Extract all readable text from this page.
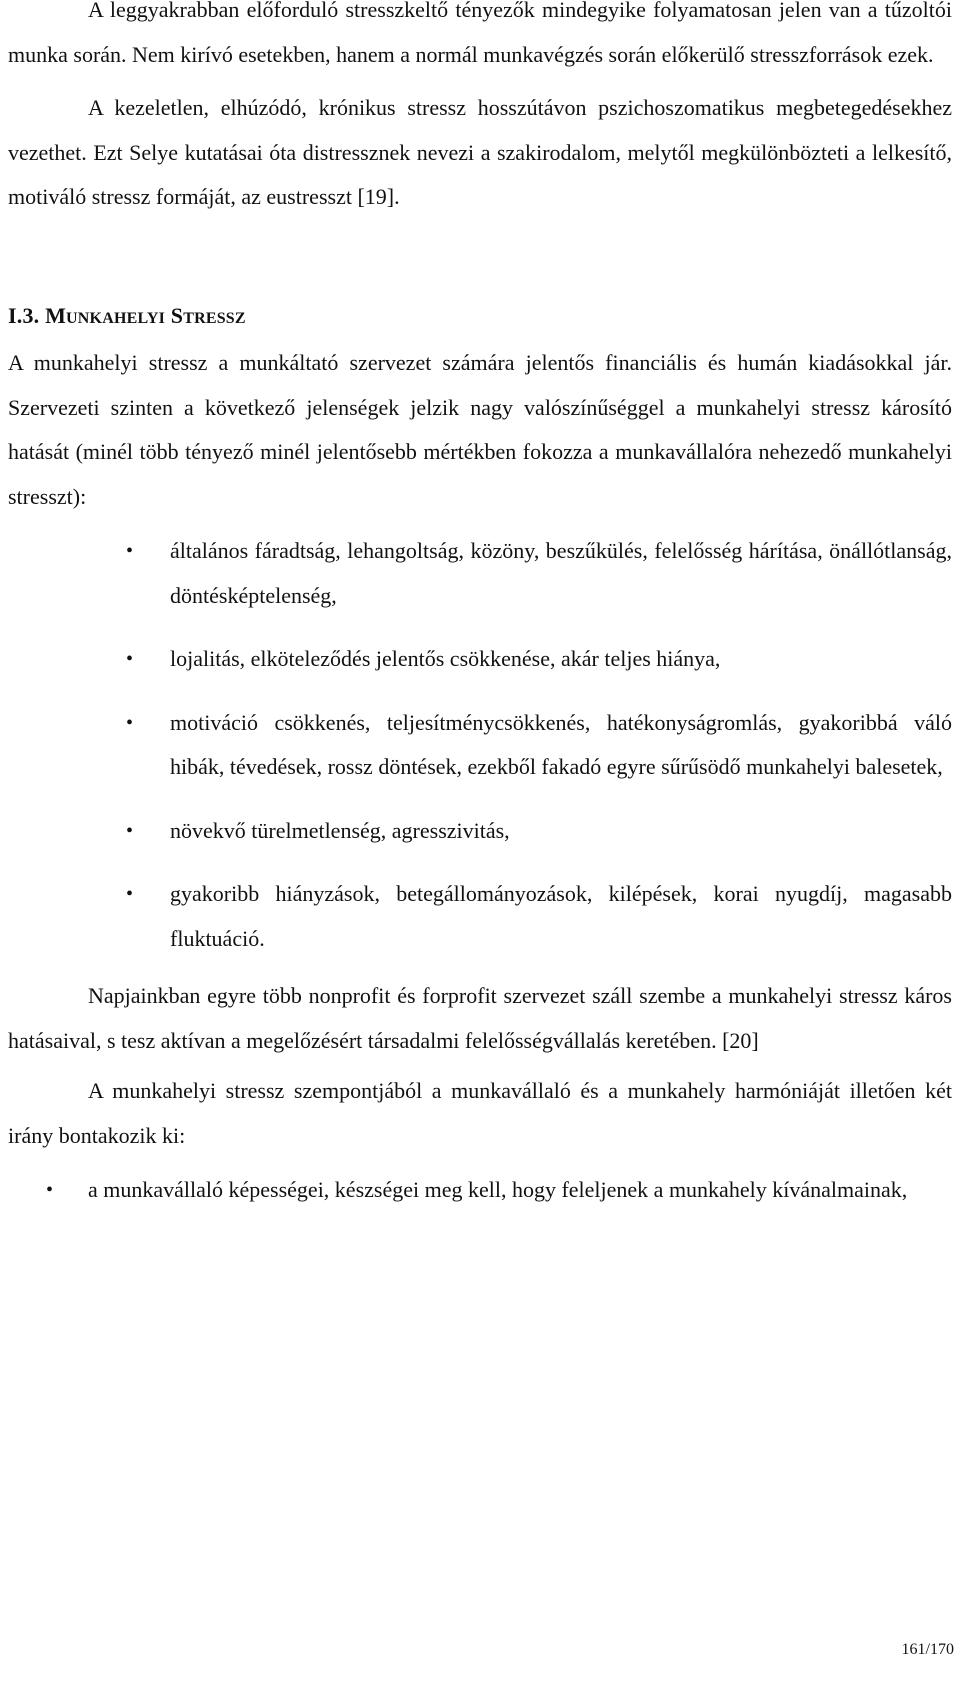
A leggyakrabban előforduló stresszkeltő tényezők mindegyike folyamatosan jelen van a tűzoltói munka során. Nem kirívó esetekben, hanem a normál munkavégzés során előkerülő stresszforrások ezek.

A kezeletlen, elhúzódó, krónikus stressz hosszútávon pszichoszomatikus megbetegedésekhez vezethet. Ezt Selye kutatásai óta distressznek nevezi a szakirodalom, melytől megkülönbözteti a lelkesítő, motiváló stressz formáját, az eustresszt [19].

I.3. MUNKAHELYI STRESSZ

A munkahelyi stressz a munkáltató szervezet számára jelentős financiális és humán kiadásokkal jár. Szervezeti szinten a következő jelenségek jelzik nagy valószínűséggel a munkahelyi stressz károsító hatását (minél több tényező minél jelentősebb mértékben fokozza a munkavállalóra nehezedő munkahelyi stresszt):

• általános fáradtság, lehangoltság, közöny, beszűkülés, felelősség hárítása, önállótlanság, döntésképtelenség,
• lojalitás, elköteleződés jelentős csökkenése, akár teljes hiánya,
• motiváció csökkenés, teljesítménycsökkenés, hatékonyságromlás, gyakoribbá váló hibák, tévedések, rossz döntések, ezekből fakadó egyre sűrűsödő munkahelyi balesetek,
• növekvő türelmetlenség, agresszivitás,
• gyakoribb hiányzások, betegállományozások, kilépések, korai nyugdíj, magasabb fluktuáció.

Napjainkban egyre több nonprofit és forprofit szervezet száll szembe a munkahelyi stressz káros hatásaival, s tesz aktívan a megelőzésért társadalmi felelősségvállalás keretében. [20]

A munkahelyi stressz szempontjából a munkavállaló és a munkahely harmóniáját illetően két irány bontakozik ki:

• a munkavállaló képességei, készségei meg kell, hogy feleljenek a munkahely kívánalmainak,
161/170
